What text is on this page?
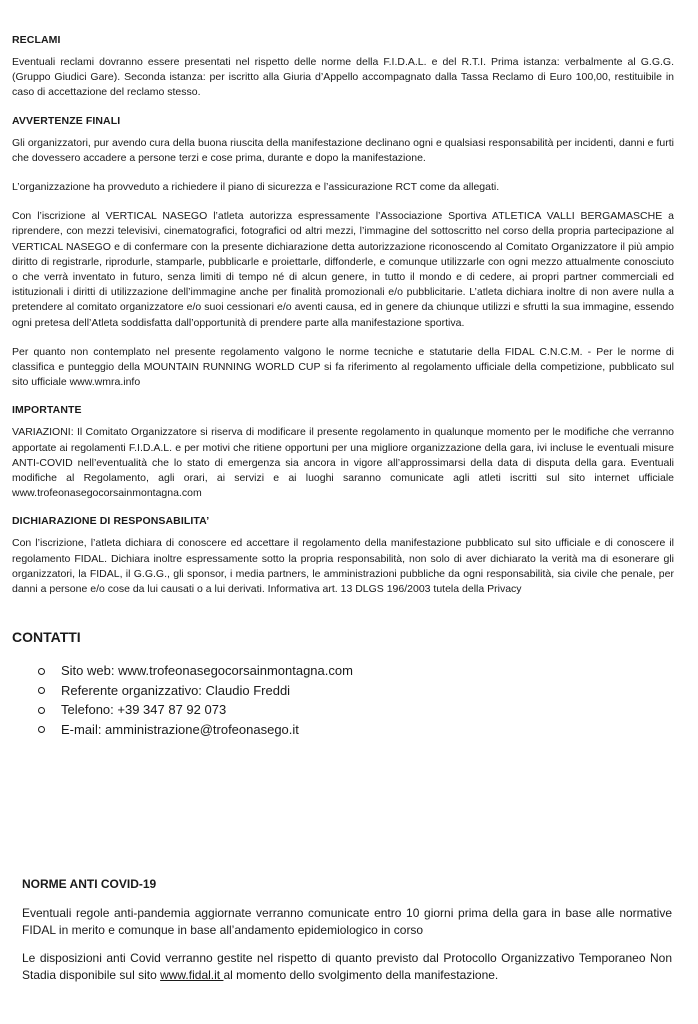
RECLAMI

Eventuali reclami dovranno essere presentati nel rispetto delle norme della F.I.D.A.L. e del R.T.I. Prima istanza: verbalmente al G.G.G. (Gruppo Giudici Gare). Seconda istanza: per iscritto alla Giuria d’Appello accompagnato dalla Tassa Reclamo di Euro 100,00, restituibile in caso di accettazione del reclamo stesso.

AVVERTENZE FINALI

Gli organizzatori, pur avendo cura della buona riuscita della manifestazione declinano ogni e qualsiasi responsabilità per incidenti, danni e furti che dovessero accadere a persone terzi e cose prima, durante e dopo la manifestazione.

L’organizzazione ha provveduto a richiedere il piano di sicurezza e l’assicurazione RCT come da allegati.

Con l’iscrizione al VERTICAL NASEGO l’atleta autorizza espressamente l’Associazione Sportiva ATLETICA VALLI BERGAMASCHE a riprendere, con mezzi televisivi, cinematografici, fotografici od altri mezzi, l’immagine del sottoscritto nel corso della propria partecipazione al VERTICAL NASEGO e di confermare con la presente dichiarazione detta autorizzazione riconoscendo al Comitato Organizzatore il più ampio diritto di registrarle, riprodurle, stamparle, pubblicarle e proiettarle, diffonderle, e comunque utilizzarle con ogni mezzo attualmente conosciuto o che verrà inventato in futuro, senza limiti di tempo né di alcun genere, in tutto il mondo e di cedere, ai propri partner commerciali ed istituzionali i diritti di utilizzazione dell’immagine anche per finalità promozionali e/o pubblicitarie. L’atleta dichiara inoltre di non avere nulla a pretendere al comitato organizzatore e/o suoi cessionari e/o aventi causa, ed in genere da chiunque utilizzi e sfrutti la sua immagine, essendo ogni pretesa dell’Atleta soddisfatta dall’opportunità di prendere parte alla manifestazione sportiva.

Per quanto non contemplato nel presente regolamento valgono le norme tecniche e statutarie della FIDAL C.N.C.M. - Per le norme di classifica e punteggio della MOUNTAIN RUNNING WORLD CUP si fa riferimento al regolamento ufficiale della competizione, pubblicato sul sito ufficiale www.wmra.info

IMPORTANTE

VARIAZIONI: Il Comitato Organizzatore si riserva di modificare il presente regolamento in qualunque momento per le modifiche che verranno apportate ai regolamenti F.I.D.A.L. e per motivi che ritiene opportuni per una migliore organizzazione della gara, ivi incluse le eventuali misure ANTI-COVID nell’eventualità che lo stato di emergenza sia ancora in vigore all’approssimarsi della data di disputa della gara. Eventuali modifiche al Regolamento, agli orari, ai servizi e ai luoghi saranno comunicate agli atleti iscritti sul sito internet ufficiale www.trofeonasegocorsainmontagna.com

DICHIARAZIONE DI RESPONSABILITA’

Con l’iscrizione, l’atleta dichiara di conoscere ed accettare il regolamento della manifestazione pubblicato sul sito ufficiale e di conoscere il regolamento FIDAL. Dichiara inoltre espressamente sotto la propria responsabilità, non solo di aver dichiarato la verità ma di esonerare gli organizzatori, la FIDAL, il G.G.G., gli sponsor, i media partners, le amministrazioni pubbliche da ogni responsabilità, sia civile che penale, per danni a persone e/o cose da lui causati o a lui derivati. Informativa art. 13 DLGS 196/2003 tutela della Privacy

CONTATTI
Sito web: www.trofeonasegocorsainmontagna.com
Referente organizzativo: Claudio Freddi
Telefono: +39 347 87 92 073
E-mail: amministrazione@trofeonasego.it
NORME ANTI COVID-19

Eventuali regole anti-pandemia aggiornate verranno comunicate entro 10 giorni prima della gara in base alle normative FIDAL in merito e comunque in base all’andamento epidemiologico in corso

Le disposizioni anti Covid verranno gestite nel rispetto di quanto previsto dal Protocollo Organizzativo Temporaneo Non Stadia disponibile sul sito www.fidal.it al momento dello svolgimento della manifestazione.
